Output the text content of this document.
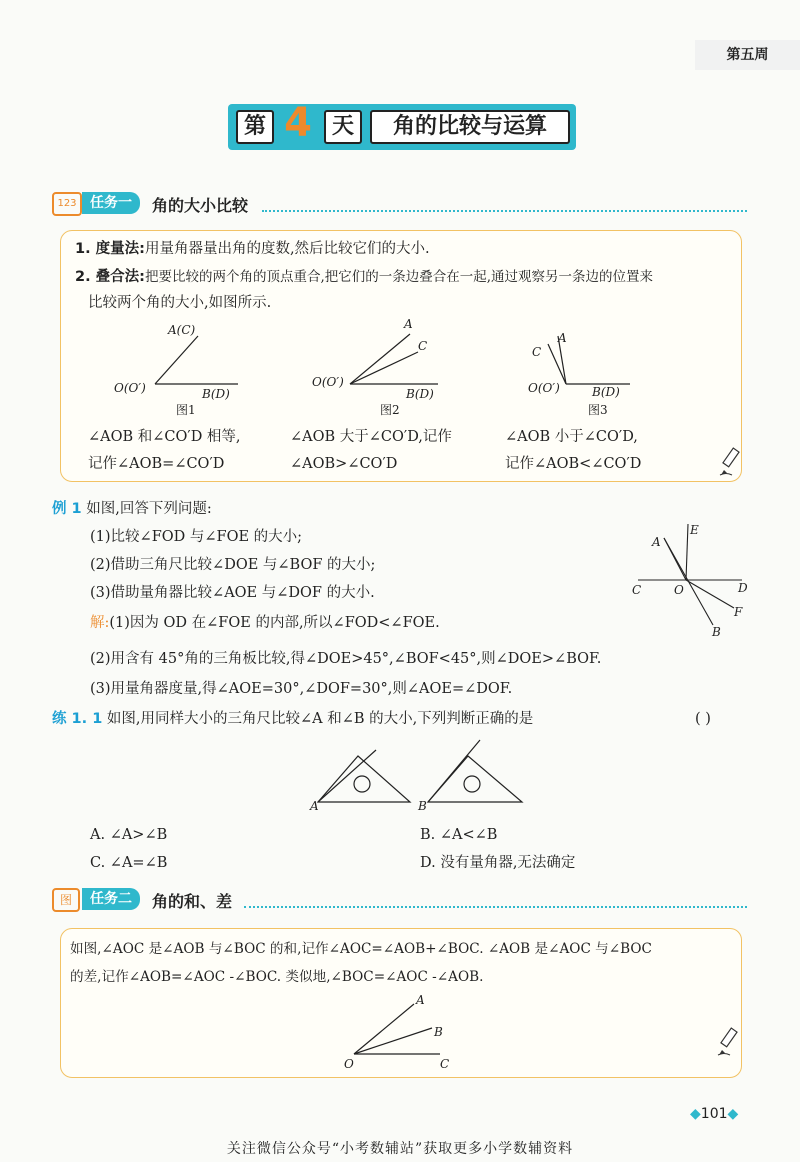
第五周
第 4 天	角的比较与运算
123 任务一	角的大小比较
1. 度量法:用量角器量出角的度数,然后比较它们的大小.
2. 叠合法:把要比较的两个角的顶点重合,把它们的一条边叠合在一起,通过观察另一条边的位置来
比较两个角的大小,如图所示.
A(C)
O(O′)	B(D)
图1
A
C
O(O′)
B(D)
图2
C
A
O(O′)	B(D)
图3
∠AOB 和∠CO′D 相等,
记作∠AOB=∠CO′D
∠AOB 大于∠CO′D,记作
∠AOB>∠CO′D
∠AOB 小于∠CO′D,
记作∠AOB<∠CO′D
例 1 如图,回答下列问题:
(1)比较∠FOD 与∠FOE 的大小;
(2)借助三角尺比较∠DOE 与∠BOF 的大小;
(3)借助量角器比较∠AOE 与∠DOF 的大小.
解:(1)因为 OD 在∠FOE 的内部,所以∠FOD<∠FOE.
(2)用含有 45°角的三角板比较,得∠DOE>45°,∠BOF<45°,则∠DOE>∠BOF.
(3)用量角器度量,得∠AOE=30°,∠DOF=30°,则∠AOE=∠DOF.
A
E
C	O	D
F
B
练 1. 1 如图,用同样大小的三角尺比较∠A 和∠B 的大小,下列判断正确的是	( )
A	B
A. ∠A>∠B	B. ∠A<∠B
C. ∠A=∠B	D. 没有量角器,无法确定
图	任务二	角的和、差
如图,∠AOC 是∠AOB 与∠BOC 的和,记作∠AOC=∠AOB+∠BOC. ∠AOB 是∠AOC 与∠BOC
的差,记作∠AOB=∠AOC -∠BOC. 类似地,∠BOC=∠AOC -∠AOB.
A
B
O	C
◆101◆
关注微信公众号“小考数辅站”获取更多小学数辅资料
